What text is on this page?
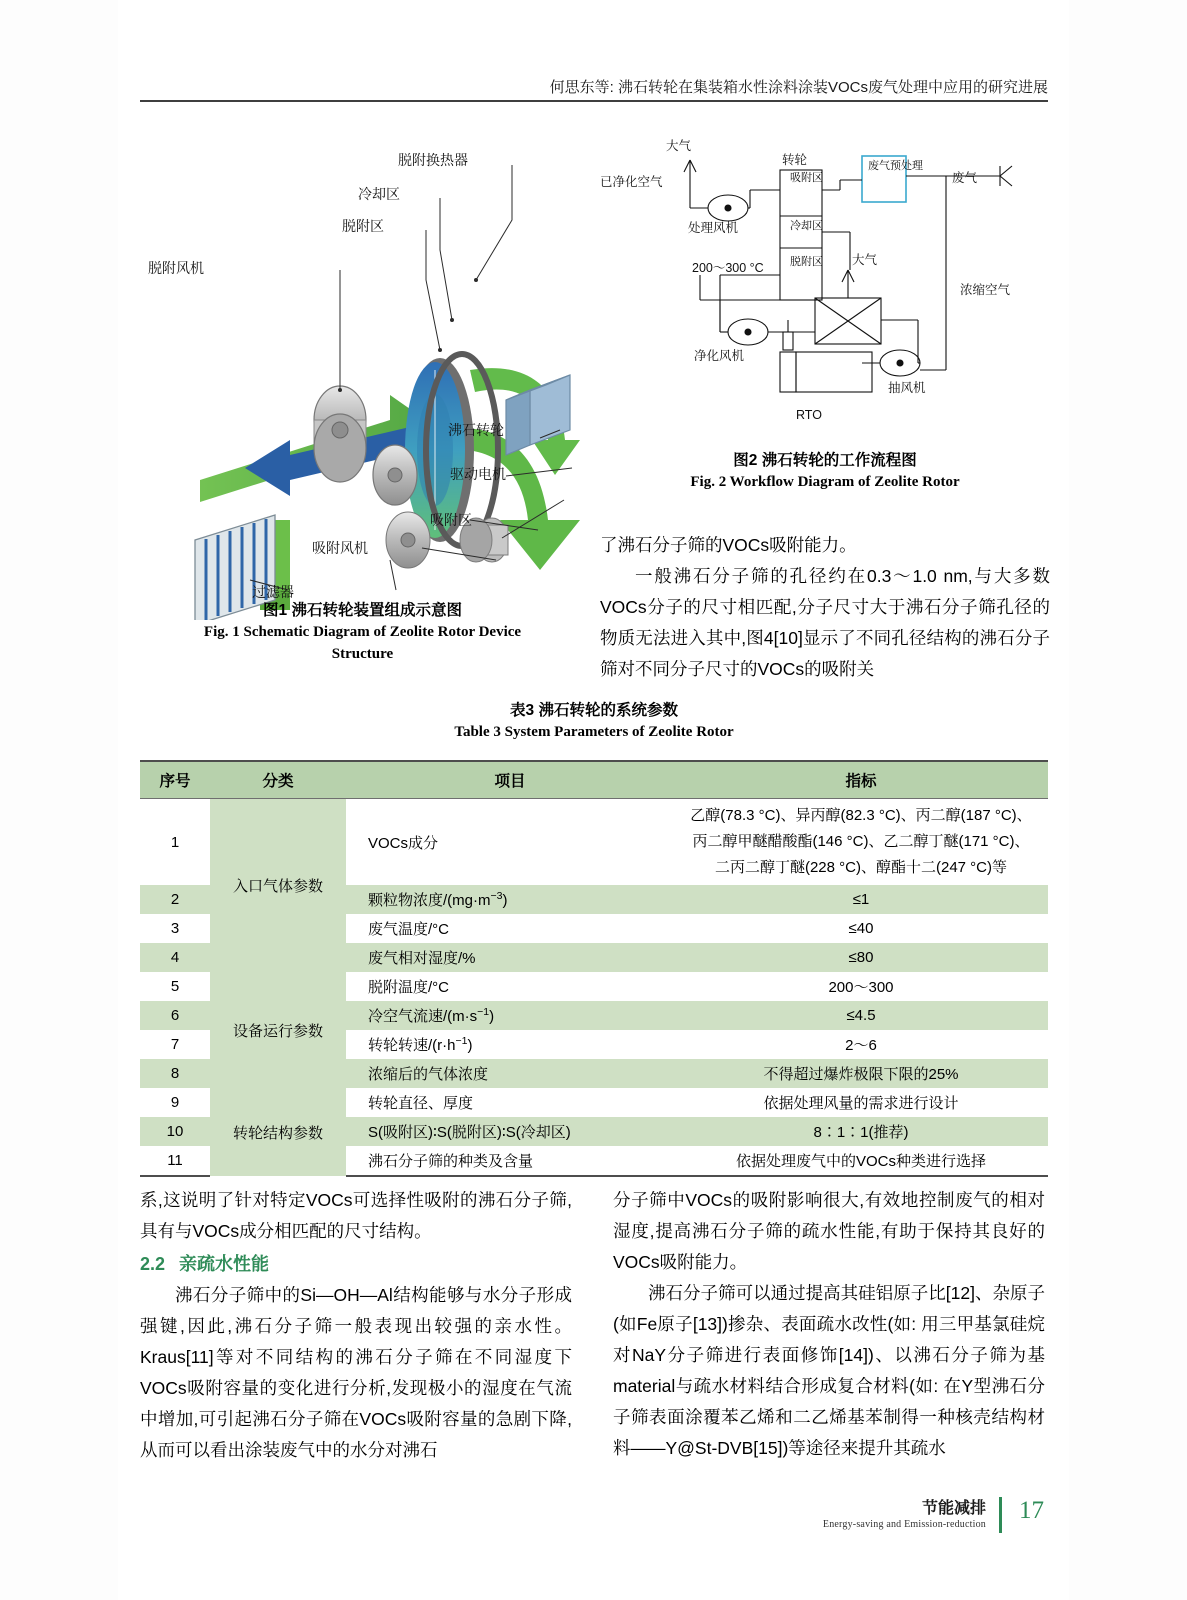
何思东等: 沸石转轮在集装箱水性涂料涂装VOCs废气处理中应用的研究进展
脱附换热器
冷却区
脱附区
脱附风机
沸石转轮
驱动电机
吸附区
吸附风机
过滤器
图1 沸石转轮装置组成示意图
Fig. 1 Schematic Diagram of Zeolite Rotor Device
Structure
大气
已净化空气
处理风机
转轮
吸附区
冷却区
脱附区
废气预处理
废气
200～300 °C
大气
净化风机
浓缩空气
抽风机
RTO
图2 沸石转轮的工作流程图
Fig. 2 Workflow Diagram of Zeolite Rotor

了沸石分子筛的VOCs吸附能力。

一般沸石分子筛的孔径约在0.3～1.0 nm,与大多数VOCs分子的尺寸相匹配,分子尺寸大于沸石分子筛孔径的物质无法进入其中,图4[10]显示了不同孔径结构的沸石分子筛对不同分子尺寸的VOCs的吸附关

表3 沸石转轮的系统参数
Table 3 System Parameters of Zeolite Rotor
序号	分类	项目	指标
1	入口气体参数	VOCs成分	乙醇(78.3 °C)、异丙醇(82.3 °C)、丙二醇(187 °C)、
丙二醇甲醚醋酸酯(146 °C)、乙二醇丁醚(171 °C)、
二丙二醇丁醚(228 °C)、醇酯十二(247 °C)等

2		颗粒物浓度$/(mg\cdot m^{-3})$	≤1
3		废气温度/°C	≤40
4		废气相对湿度/%	≤80
5	设备运行参数	脱附温度/°C	200～300
6		冷空气流速$/(m\cdot s^{-1})$	≤4.5
7		转轮转速$/(r\cdot h^{-1})$	2～6
8		浓缩后的气体浓度	不得超过爆炸极限下限的25%
9	转轮结构参数	转轮直径、厚度	依据处理风量的需求进行设计
10		S(吸附区)∶S(脱附区)∶S(冷却区)	8∶1∶1(推荐)
11		沸石分子筛的种类及含量	依据处理废气中的VOCs种类进行选择

系,这说明了针对特定VOCs可选择性吸附的沸石分子筛,具有与VOCs成分相匹配的尺寸结构。

2.2 亲疏水性能

沸石分子筛中的Si—OH—Al结构能够与水分子形成强键,因此,沸石分子筛一般表现出较强的亲水性。Kraus[11]等对不同结构的沸石分子筛在不同湿度下VOCs吸附容量的变化进行分析,发现极小的湿度在气流中增加,可引起沸石分子筛在VOCs吸附容量的急剧下降,从而可以看出涂装废气中的水分对沸石

分子筛中VOCs的吸附影响很大,有效地控制废气的相对湿度,提高沸石分子筛的疏水性能,有助于保持其良好的VOCs吸附能力。

沸石分子筛可以通过提高其硅铝原子比[12]、杂原子(如Fe原子[13])掺杂、表面疏水改性(如: 用三甲基氯硅烷对NaY分子筛进行表面修饰[14])、以沸石分子筛为基material与疏水材料结合形成复合材料(如: 在Y型沸石分子筛表面涂覆苯乙烯和二乙烯基苯制得一种核壳结构材料——Y@St-DVB[15])等途径来提升其疏水

节能减排
Energy-saving and Emission-reduction
17
